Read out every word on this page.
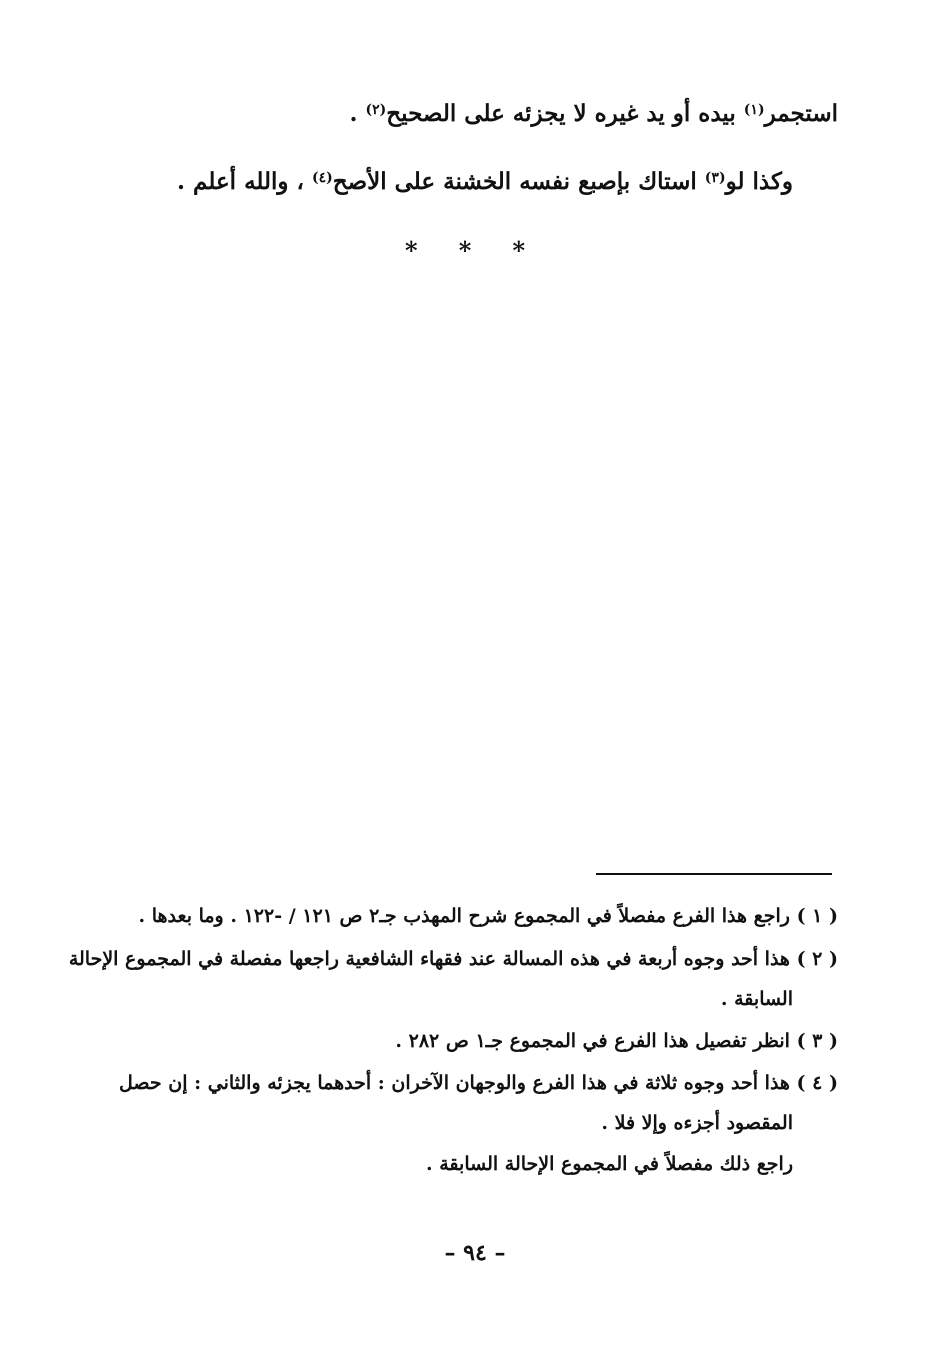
استجمر$^{(١)}$ بيده أو يد غيره لا يجزئه على الصحيح$^{(٢)}$ .
وكذا لو$^{(٣)}$ استاك بإصبع نفسه الخشنة على الأصح$^{(٤)}$ ، والله أعلم .
* * *
( ١ ) راجع هذا الفرع مفصلاً في المجموع شرح المهذب جـ٢ ص ١٢١ / -١٢٢ . وما بعدها .
( ٢ ) هذا أحد وجوه أربعة في هذه المسالة عند فقهاء الشافعية راجعها مفصلة في المجموع الإحالة
السابقة .
( ٣ ) انظر تفصيل هذا الفرع في المجموع جـ١ ص ٢٨٢ .
( ٤ ) هذا أحد وجوه ثلاثة في هذا الفرع والوجهان الآخران : أحدهما يجزئه والثاني : إن حصل
المقصود أجزءه وإلا فلا .
راجع ذلك مفصلاً في المجموع الإحالة السابقة .
– ٩٤ –
